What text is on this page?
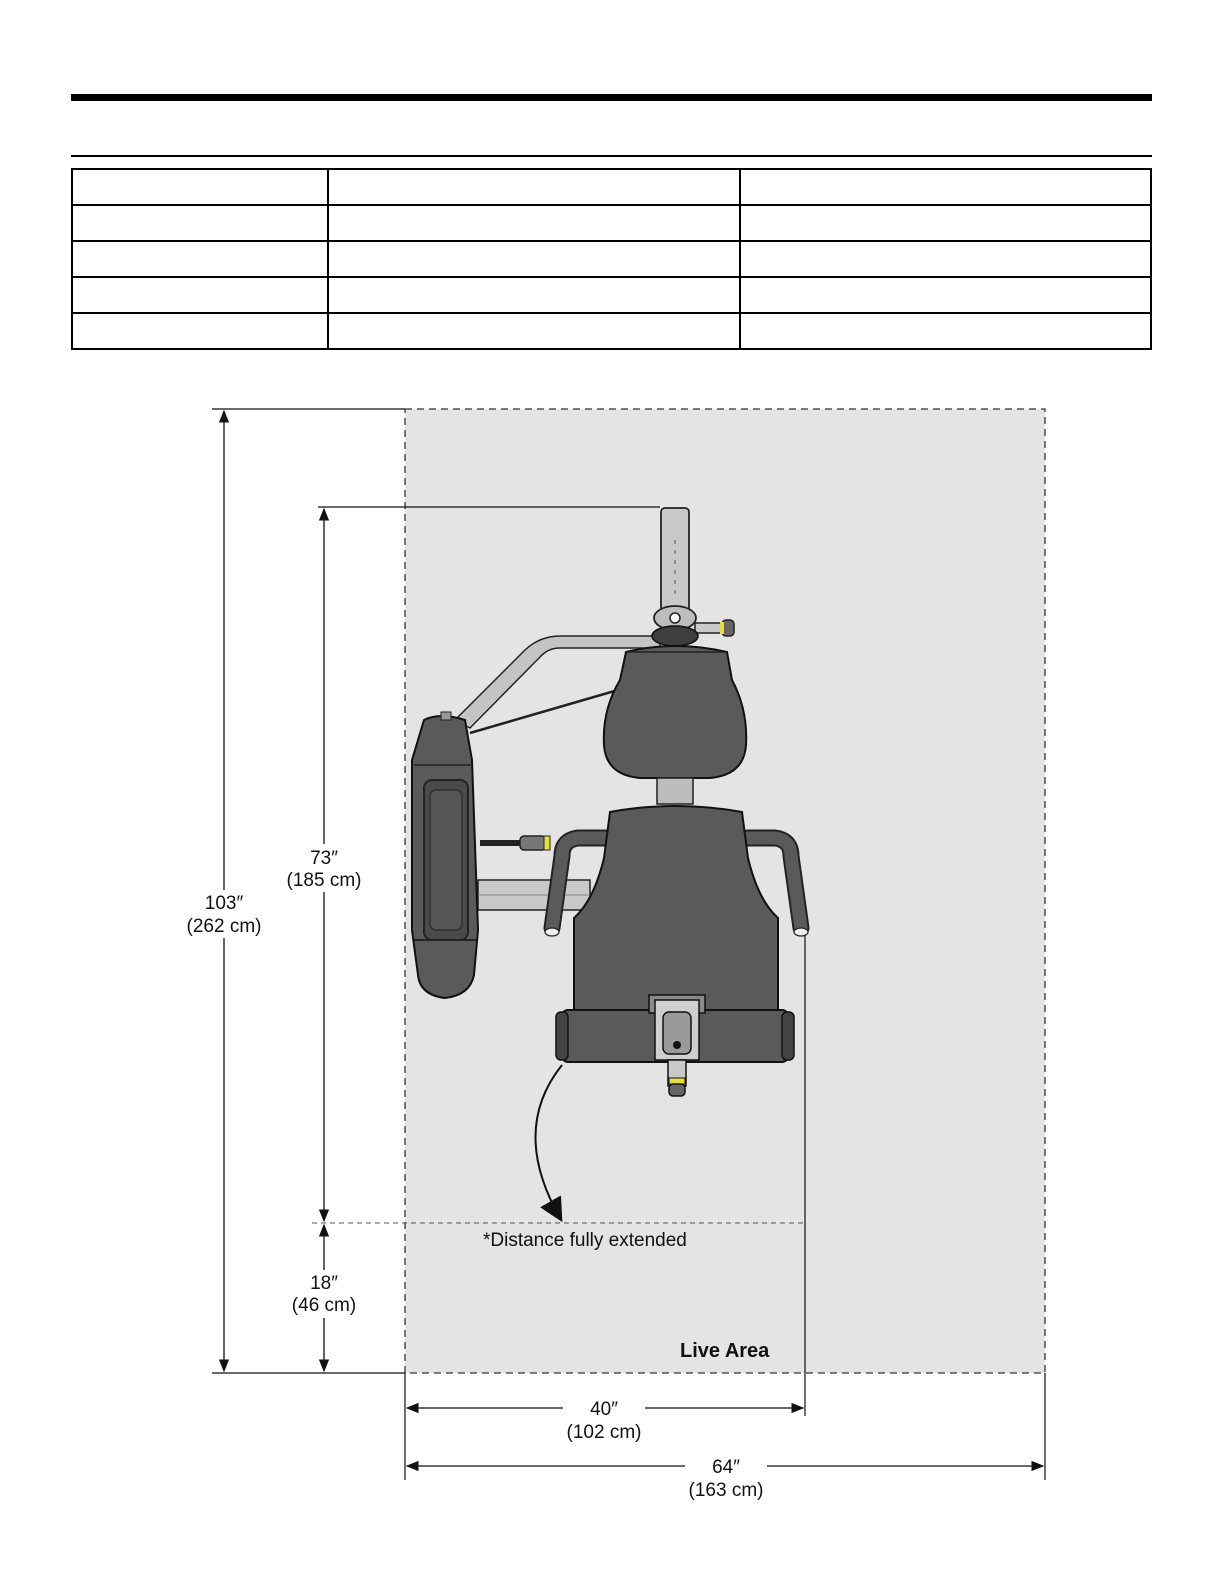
Live Area
*Distance fully extended
103″
(262 cm)
73″
(185 cm)
18″
(46 cm)
40″
(102 cm)
64″
(163 cm)
